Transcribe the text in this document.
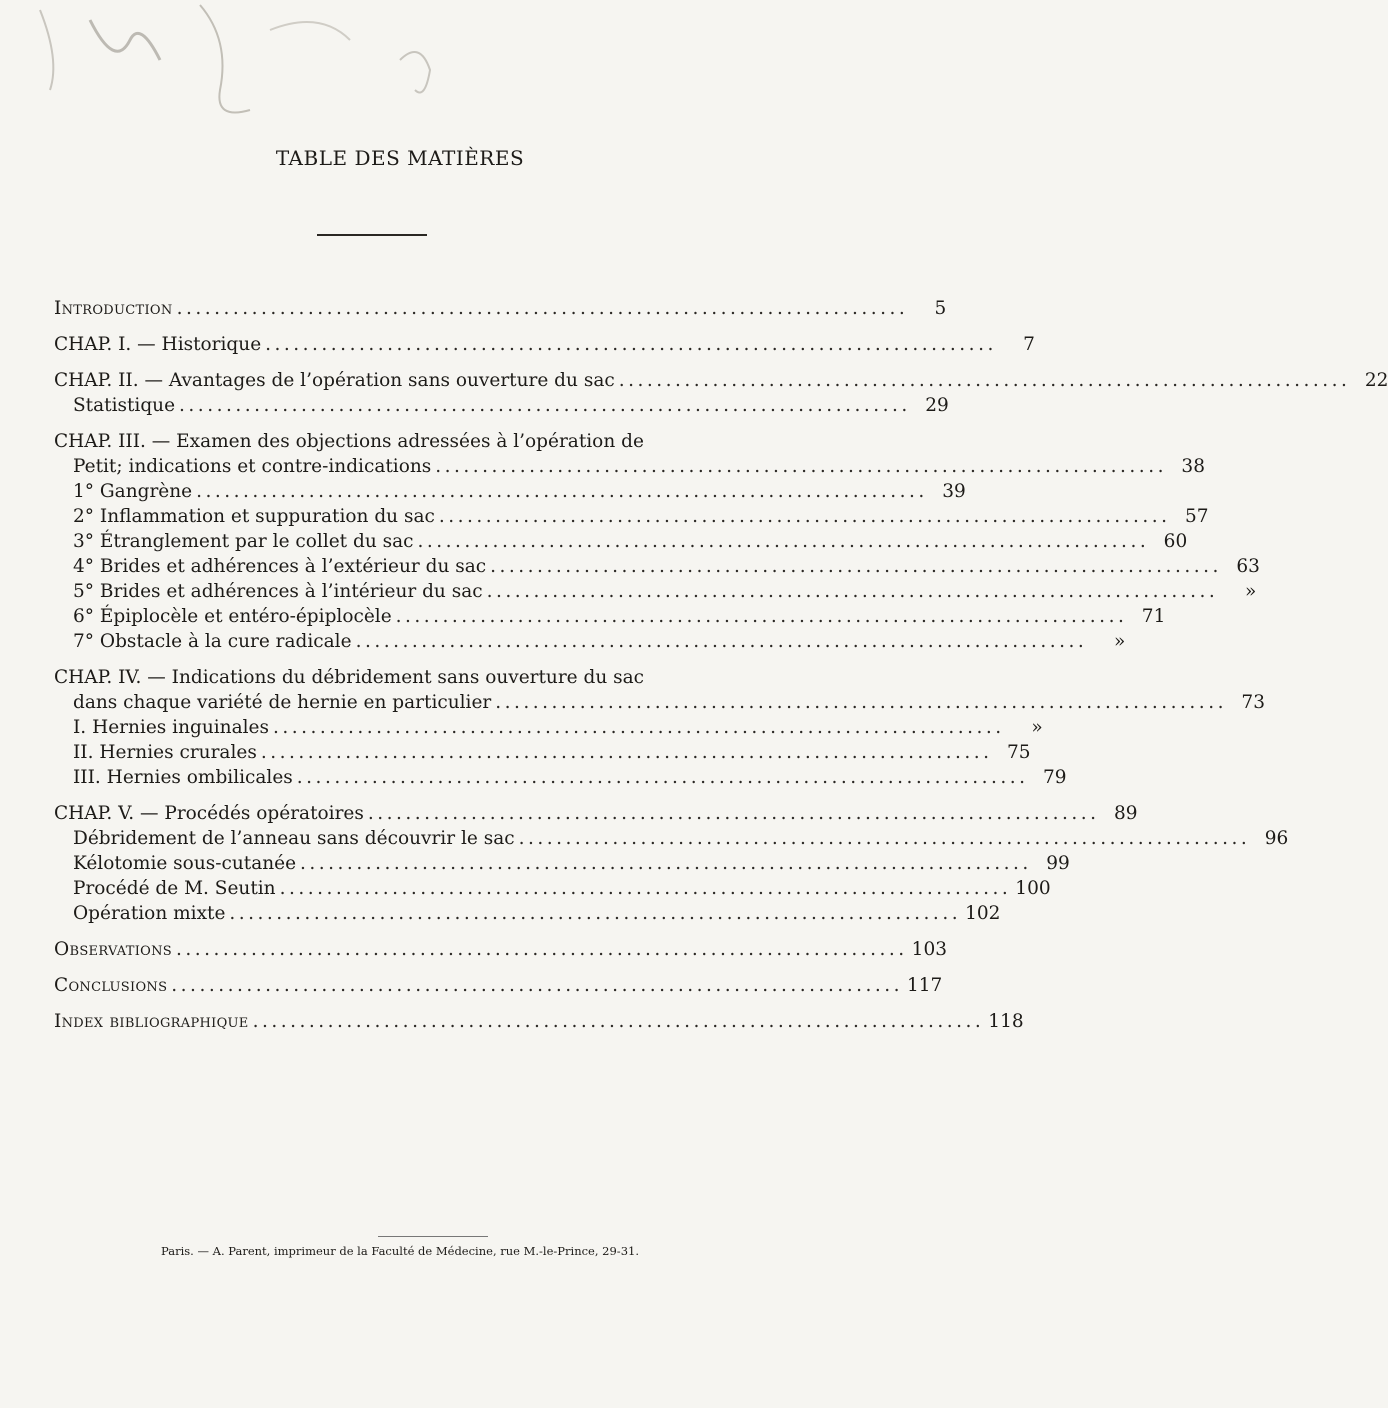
TABLE DES MATIÈRES
Introduction ..............................................................................	5
CHAP. I. — Historique ..............................................................................	7
CHAP. II. — Avantages de l’opération sans ouverture du sac .............................................................................. 22
Statistique .............................................................................. 29
CHAP. III. — Examen des objections adressées à l’opération de
Petit; indications et contre-indications .............................................................................. 38
1° Gangrène .............................................................................. 39
2° Inflammation et suppuration du sac .............................................................................. 57
3° Étranglement par le collet du sac .............................................................................. 60
4° Brides et adhérences à l’extérieur du sac .............................................................................. 63
5° Brides et adhérences à l’intérieur du sac ..............................................................................	»
6° Épiplocèle et entéro-épiplocèle .............................................................................. 71
7° Obstacle à la cure radicale ..............................................................................	»
CHAP. IV. — Indications du débridement sans ouverture du sac
dans chaque variété de hernie en particulier .............................................................................. 73
I. Hernies inguinales ..............................................................................	»
II. Hernies crurales .............................................................................. 75
III. Hernies ombilicales .............................................................................. 79
CHAP. V. — Procédés opératoires .............................................................................. 89
Débridement de l’anneau sans découvrir le sac .............................................................................. 96
Kélotomie sous-cutanée .............................................................................. 99
Procédé de M. Seutin .............................................................................. 100
Opération mixte .............................................................................. 102
Observations .............................................................................. 103
Conclusions .............................................................................. 117
Index bibliographique .............................................................................. 118
Paris. — A. Parent, imprimeur de la Faculté de Médecine, rue M.-le-Prince, 29-31.
